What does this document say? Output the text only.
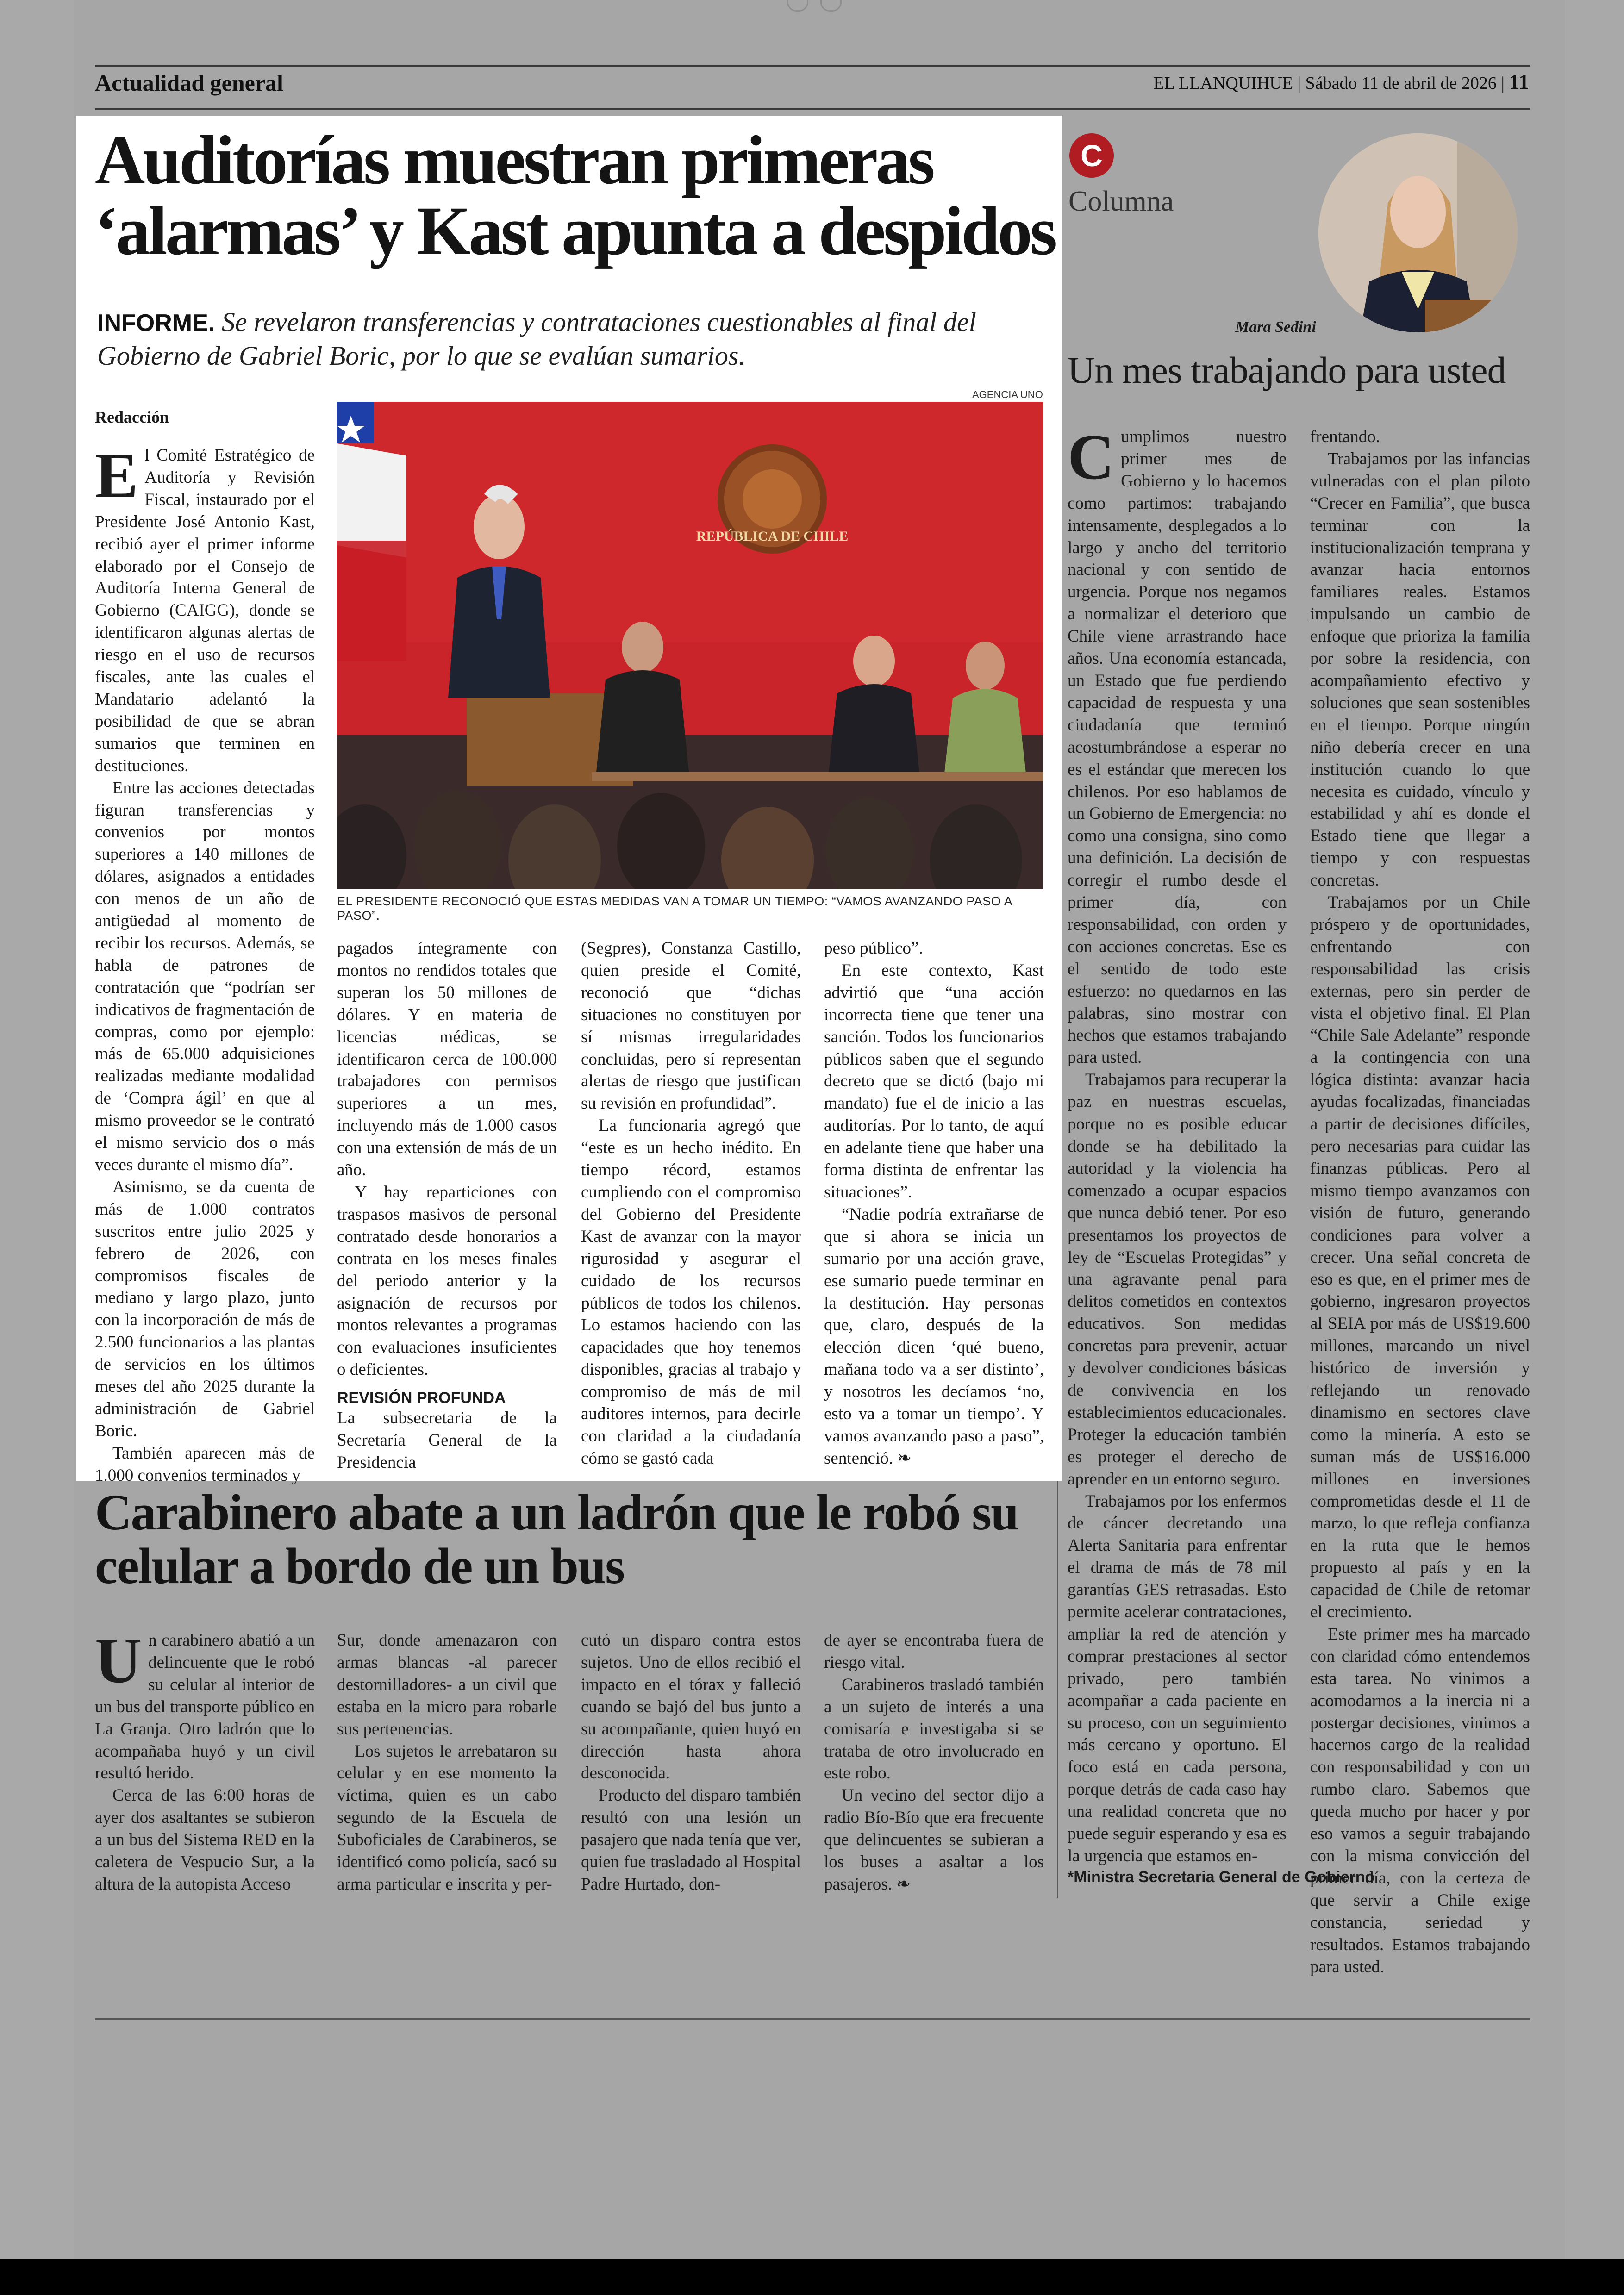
Actualidad general	EL LLANQUIHUE | Sábado 11 de abril de 2026 | 11
Auditorías muestran primeras ‘alarmas’ y Kast apunta a despidos
INFORME. Se revelaron transferencias y contrataciones cuestionables al final del Gobierno de Gabriel Boric, por lo que se evalúan sumarios.
Redacción
AGENCIA UNO
REPÚBLICA DE CHILE
EL PRESIDENTE RECONOCIÓ QUE ESTAS MEDIDAS VAN A TOMAR UN TIEMPO: “VAMOS AVANZANDO PASO A PASO”.
E l Comité Estratégico de Auditoría y Revisión Fiscal, instaurado por el Presidente José Antonio Kast, recibió ayer el primer informe elaborado por el Consejo de Auditoría Interna General de Gobierno (CAIGG), donde se identificaron algunas alertas de riesgo en el uso de recursos fiscales, ante las cuales el Mandatario adelantó la posibilidad de que se abran sumarios que terminen en destituciones.

Entre las acciones detectadas figuran transferencias y convenios por montos superiores a 140 millones de dólares, asignados a entidades con menos de un año de antigüedad al momento de recibir los recursos. Además, se habla de patrones de contratación que “podrían ser indicativos de fragmentación de compras, como por ejemplo: más de 65.000 adquisiciones realizadas mediante modalidad de ‘Compra ágil’ en que al mismo proveedor se le contrató el mismo servicio dos o más veces durante el mismo día”.

Asimismo, se da cuenta de más de 1.000 contratos suscritos entre julio 2025 y febrero de 2026, con compromisos fiscales de mediano y largo plazo, junto con la incorporación de más de 2.500 funcionarios a las plantas de servicios en los últimos meses del año 2025 durante la administración de Gabriel Boric.

También aparecen más de 1.000 convenios terminados y

pagados íntegramente con montos no rendidos totales que superan los 50 millones de dólares. Y en materia de licencias médicas, se identificaron cerca de 100.000 trabajadores con permisos superiores a un mes, incluyendo más de 1.000 casos con una extensión de más de un año.

Y hay reparticiones con traspasos masivos de personal contratado desde honorarios a contrata en los meses finales del periodo anterior y la asignación de recursos por montos relevantes a programas con evaluaciones insuficientes o deficientes.

REVISIÓN PROFUNDA

La subsecretaria de la Secretaría General de la Presidencia

(Segpres), Constanza Castillo, quien preside el Comité, reconoció que “dichas situaciones no constituyen por sí mismas irregularidades concluidas, pero sí representan alertas de riesgo que justifican su revisión en profundidad”.

La funcionaria agregó que “este es un hecho inédito. En tiempo récord, estamos cumpliendo con el compromiso del Gobierno del Presidente Kast de avanzar con la mayor rigurosidad y asegurar el cuidado de los recursos públicos de todos los chilenos. Lo estamos haciendo con las capacidades que hoy tenemos disponibles, gracias al trabajo y compromiso de más de mil auditores internos, para decirle con claridad a la ciudadanía cómo se gastó cada

peso público”.

En este contexto, Kast advirtió que “una acción incorrecta tiene que tener una sanción. Todos los funcionarios públicos saben que el segundo decreto que se dictó (bajo mi mandato) fue el de inicio a las auditorías. Por lo tanto, de aquí en adelante tiene que haber una forma distinta de enfrentar las situaciones”.

“Nadie podría extrañarse de que si ahora se inicia un sumario por una acción grave, ese sumario puede terminar en la destitución. Hay personas que, claro, después de la elección dicen ‘qué bueno, mañana todo va a ser distinto’, y nosotros les decíamos ‘no, esto va a tomar un tiempo’. Y vamos avanzando paso a paso”, sentenció. ❧

Carabinero abate a un ladrón que le robó su celular a bordo de un bus
U n carabinero abatió a un delincuente que le robó su celular al interior de un bus del transporte público en La Granja. Otro ladrón que lo acompañaba huyó y un civil resultó herido.

Cerca de las 6:00 horas de ayer dos asaltantes se subieron a un bus del Sistema RED en la caletera de Vespucio Sur, a la altura de la autopista Acceso

Sur, donde amenazaron con armas blancas -al parecer destornilladores- a un civil que estaba en la micro para robarle sus pertenencias.

Los sujetos le arrebataron su celular y en ese momento la víctima, quien es un cabo segundo de la Escuela de Suboficiales de Carabineros, se identificó como policía, sacó su arma particular e inscrita y per-

cutó un disparo contra estos sujetos. Uno de ellos recibió el impacto en el tórax y falleció cuando se bajó del bus junto a su acompañante, quien huyó en dirección hasta ahora desconocida.

Producto del disparo también resultó con una lesión un pasajero que nada tenía que ver, quien fue trasladado al Hospital Padre Hurtado, don-

de ayer se encontraba fuera de riesgo vital.

Carabineros trasladó también a un sujeto de interés a una comisaría e investigaba si se trataba de otro involucrado en este robo.

Un vecino del sector dijo a radio Bío-Bío que era frecuente que delincuentes se subieran a los buses a asaltar a los pasajeros. ❧

C
Columna
Mara Sedini
Un mes trabajando para usted
C umplimos nuestro primer mes de Gobierno y lo hacemos como partimos: trabajando intensamente, desplegados a lo largo y ancho del territorio nacional y con sentido de urgencia. Porque nos negamos a normalizar el deterioro que Chile viene arrastrando hace años. Una economía estancada, un Estado que fue perdiendo capacidad de respuesta y una ciudadanía que terminó acostumbrándose a esperar no es el estándar que merecen los chilenos. Por eso hablamos de un Gobierno de Emergencia: no como una consigna, sino como una definición. La decisión de corregir el rumbo desde el primer día, con responsabilidad, con orden y con acciones concretas. Ese es el sentido de todo este esfuerzo: no quedarnos en las palabras, sino mostrar con hechos que estamos trabajando para usted.

Trabajamos para recuperar la paz en nuestras escuelas, porque no es posible educar donde se ha debilitado la autoridad y la violencia ha comenzado a ocupar espacios que nunca debió tener. Por eso presentamos los proyectos de ley de “Escuelas Protegidas” y una agravante penal para delitos cometidos en contextos educativos. Son medidas concretas para prevenir, actuar y devolver condiciones básicas de convivencia en los establecimientos educacionales. Proteger la educación también es proteger el derecho de aprender en un entorno seguro.

Trabajamos por los enfermos de cáncer decretando una Alerta Sanitaria para enfrentar el drama de más de 78 mil garantías GES retrasadas. Esto permite acelerar contrataciones, ampliar la red de atención y comprar prestaciones al sector privado, pero también acompañar a cada paciente en su proceso, con un seguimiento más cercano y oportuno. El foco está en cada persona, porque detrás de cada caso hay una realidad concreta que no puede seguir esperando y esa es la urgencia que estamos en-

frentando.

Trabajamos por las infancias vulneradas con el plan piloto “Crecer en Familia”, que busca terminar con la institucionalización temprana y avanzar hacia entornos familiares reales. Estamos impulsando un cambio de enfoque que prioriza la familia por sobre la residencia, con acompañamiento efectivo y soluciones que sean sostenibles en el tiempo. Porque ningún niño debería crecer en una institución cuando lo que necesita es cuidado, vínculo y estabilidad y ahí es donde el Estado tiene que llegar a tiempo y con respuestas concretas.

Trabajamos por un Chile próspero y de oportunidades, enfrentando con responsabilidad las crisis externas, pero sin perder de vista el objetivo final. El Plan “Chile Sale Adelante” responde a la contingencia con una lógica distinta: avanzar hacia ayudas focalizadas, financiadas a partir de decisiones difíciles, pero necesarias para cuidar las finanzas públicas. Pero al mismo tiempo avanzamos con visión de futuro, generando condiciones para volver a crecer. Una señal concreta de eso es que, en el primer mes de gobierno, ingresaron proyectos al SEIA por más de US$19.600 millones, marcando un nivel histórico de inversión y reflejando un renovado dinamismo en sectores clave como la minería. A esto se suman más de US$16.000 millones en inversiones comprometidas desde el 11 de marzo, lo que refleja confianza en la ruta que le hemos propuesto al país y en la capacidad de Chile de retomar el crecimiento.

Este primer mes ha marcado con claridad cómo entendemos esta tarea. No vinimos a acomodarnos a la inercia ni a postergar decisiones, vinimos a hacernos cargo de la realidad con responsabilidad y con un rumbo claro. Sabemos que queda mucho por hacer y por eso vamos a seguir trabajando con la misma convicción del primer día, con la certeza de que servir a Chile exige constancia, seriedad y resultados. Estamos trabajando para usted.

*Ministra Secretaria General de Gobierno
